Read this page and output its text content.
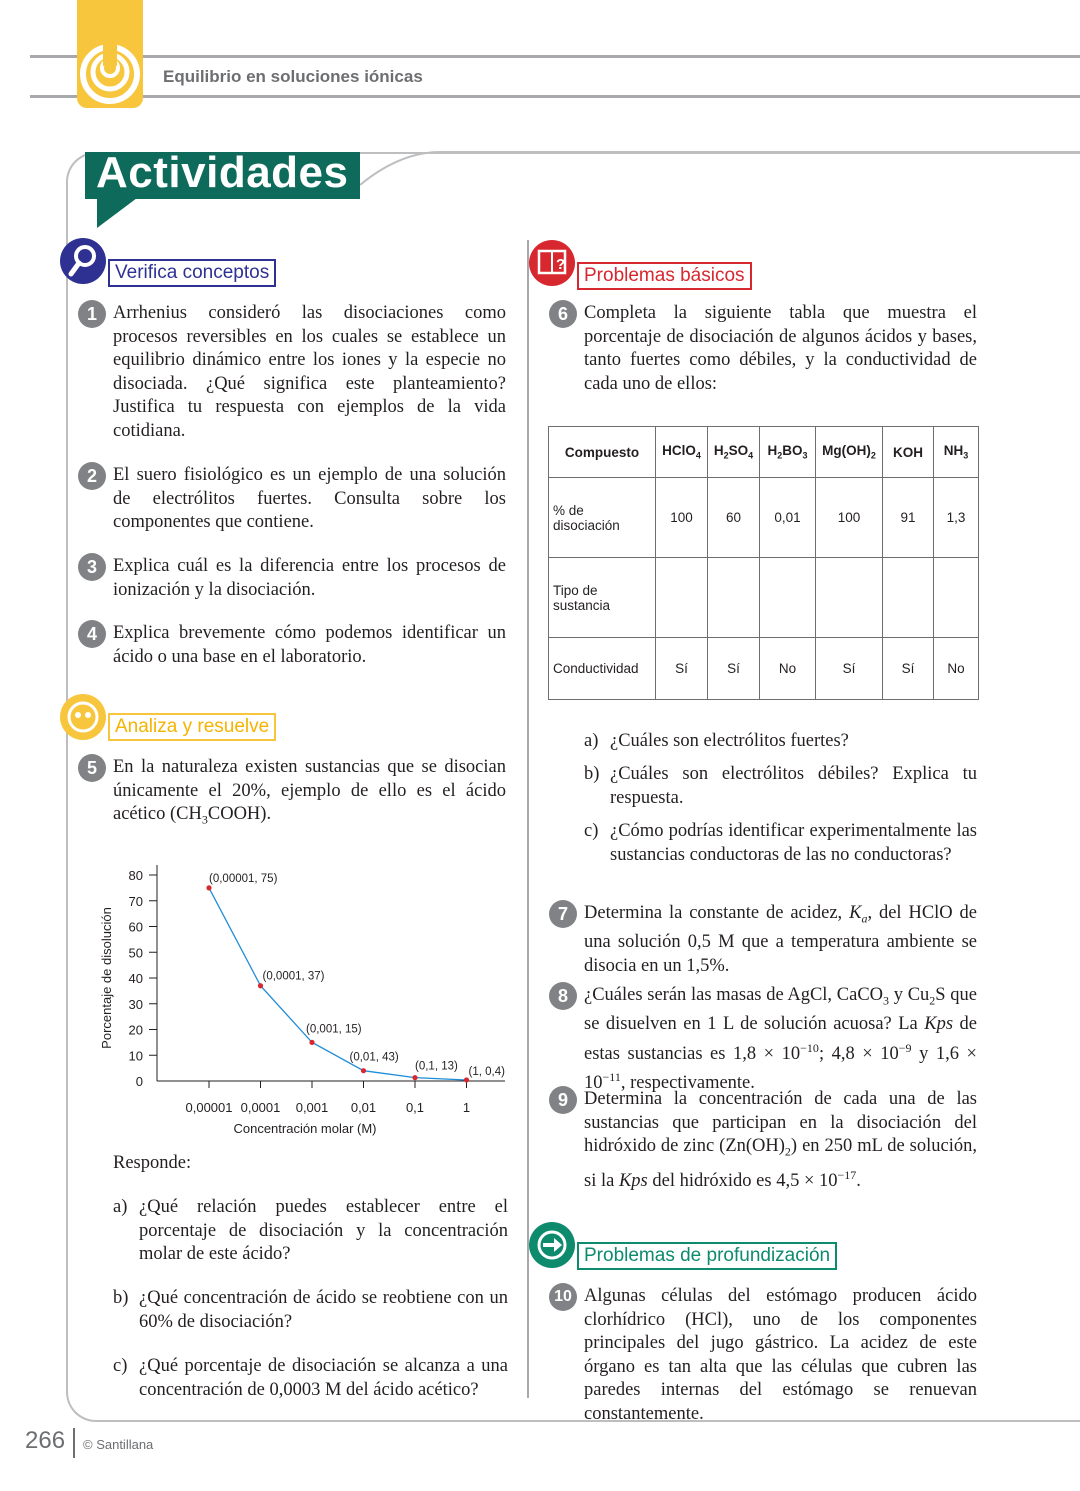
Equilibrio en soluciones iónicas
Actividades
Verifica conceptos
1 Arrhenius consideró las disociaciones como procesos reversibles en los cuales se establece un equilibrio dinámico entre los iones y la especie no disociada. ¿Qué significa este planteamiento? Justifica tu respuesta con ejemplos de la vida cotidiana.
2 El suero fisiológico es un ejemplo de una solución de electrólitos fuertes. Consulta sobre los componentes que contiene.
3 Explica cuál es la diferencia entre los procesos de ionización y la disociación.
4 Explica brevemente cómo podemos identificar un ácido o una base en el laboratorio.
Analiza y resuelve
5 En la naturaleza existen sustancias que se disocian únicamente el 20%, ejemplo de ello es el ácido acético $(CH_3COOH)$.
0
10
20
30
40
50
60
70
80
0,00001 0,0001 0,001 0,01 0,1	1
(0,00001, 75)
(0,0001, 37)
(0,001, 15)
(0,01, 43)
(0,1, 13) (1, 0,4)
Porcentaje de disolución
Concentración molar (M)
Responde:
a) ¿Qué relación puedes establecer entre el porcentaje de disociación y la concentración molar de este ácido?
b) ¿Qué concentración de ácido se reobtiene con un 60% de disociación?
c) ¿Qué porcentaje de disociación se alcanza a una concentración de 0,0003 M del ácido acético?
?
Problemas básicos
6 Completa la siguiente tabla que muestra el porcentaje de disociación de algunos ácidos y bases, tanto fuertes como débiles, y la conductividad de cada uno de ellos:
Compuesto	HClO$_4$	$H_2SO_4$	$H_2BO_3$	$Mg(OH)_2$	KOH	$NH_3$
% de disociación	100	60	0,01	100	91	1,3
Tipo de sustancia						
Conductividad	Sí	Sí	No	Sí	Sí	No
a) ¿Cuáles son electrólitos fuertes?
b) ¿Cuáles son electrólitos débiles? Explica tu respuesta.
c) ¿Cómo podrías identificar experimentalmente las sustancias conductoras de las no conductoras?
7 Determina la constante de acidez, $K_a$, del HClO de una solución 0,5 M que a temperatura ambiente se disocia en un 1,5%.
8 ¿Cuáles serán las masas de AgCl, CaCO$_3$ y $Cu_2S$ que se disuelven en 1 L de solución acuosa? La Kps de estas sustancias es $1,8 \times 10^{-10}$; $4,8 \times 10^{-9}$ y $1,6 \times 10^{-11}$, respectivamente.
9 Determina la concentración de cada una de las sustancias que participan en la disociación del hidróxido de zinc $(Zn(OH)_2)$ en 250 mL de solución, si la Kps del hidróxido es $4,5 \times 10^{-17}$.
Problemas de profundización
10 Algunas células del estómago producen ácido clorhídrico (HCl), uno de los componentes principales del jugo gástrico. La acidez de este órgano es tan alta que las células que cubren las paredes internas del estómago se renuevan constantemente.
266 © Santillana
